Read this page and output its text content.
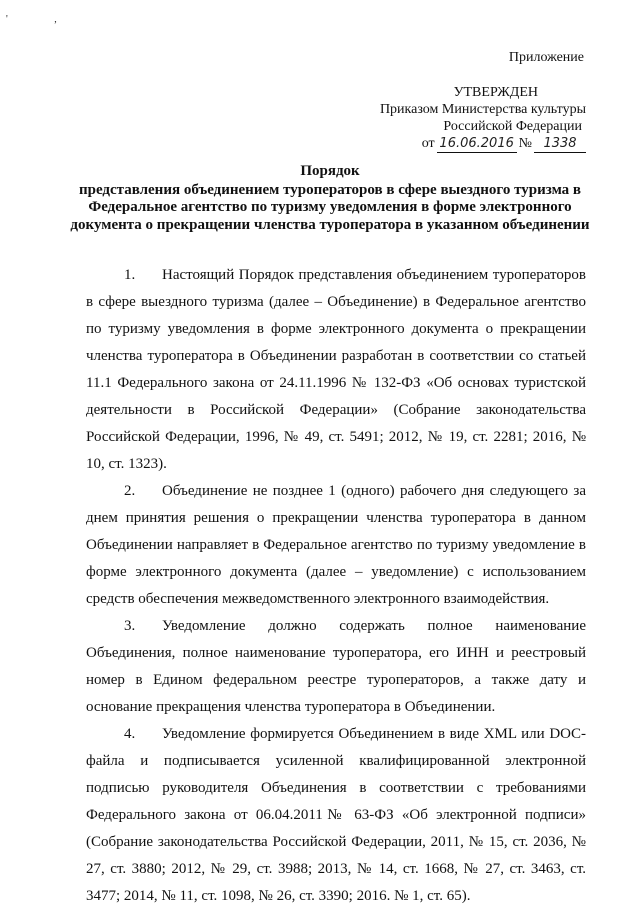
' ,
Приложение
УТВЕРЖДЕН
Приказом Министерства культуры
Российской Федерации
от 16.06.2016 № 1338
Порядок
представления объединением туроператоров в сфере выездного туризма в Федеральное агентство по туризму уведомления в форме электронного документа о прекращении членства туроператора в указанном объединении

1. Настоящий Порядок представления объединением туроператоров в сфере выездного туризма (далее – Объединение) в Федеральное агентство по туризму уведомления в форме электронного документа о прекращении членства туроператора в Объединении разработан в соответствии со статьей 11.1 Федерального закона от 24.11.1996 № 132-ФЗ «Об основах туристской деятельности в Российской Федерации» (Собрание законодательства Российской Федерации, 1996, № 49, ст. 5491; 2012, № 19, ст. 2281; 2016, № 10, ст. 1323).

2. Объединение не позднее 1 (одного) рабочего дня следующего за днем принятия решения о прекращении членства туроператора в данном Объединении направляет в Федеральное агентство по туризму уведомление в форме электронного документа (далее – уведомление) с использованием средств обеспечения межведомственного электронного взаимодействия.

3. Уведомление должно содержать полное наименование Объединения, полное наименование туроператора, его ИНН и реестровый номер в Едином федеральном реестре туроператоров, а также дату и основание прекращения членства туроператора в Объединении.

4. Уведомление формируется Объединением в виде XML или DOC-файла и подписывается усиленной квалифицированной электронной подписью руководителя Объединения в соответствии с требованиями Федерального закона от 06.04.2011№ 63-ФЗ «Об электронной подписи» (Собрание законодательства Российской Федерации, 2011, № 15, ст. 2036, № 27, ст. 3880; 2012, № 29, ст. 3988; 2013, № 14, ст. 1668, № 27, ст. 3463, ст. 3477; 2014, № 11, ст. 1098, № 26, ст. 3390; 2016. № 1, ст. 65).
